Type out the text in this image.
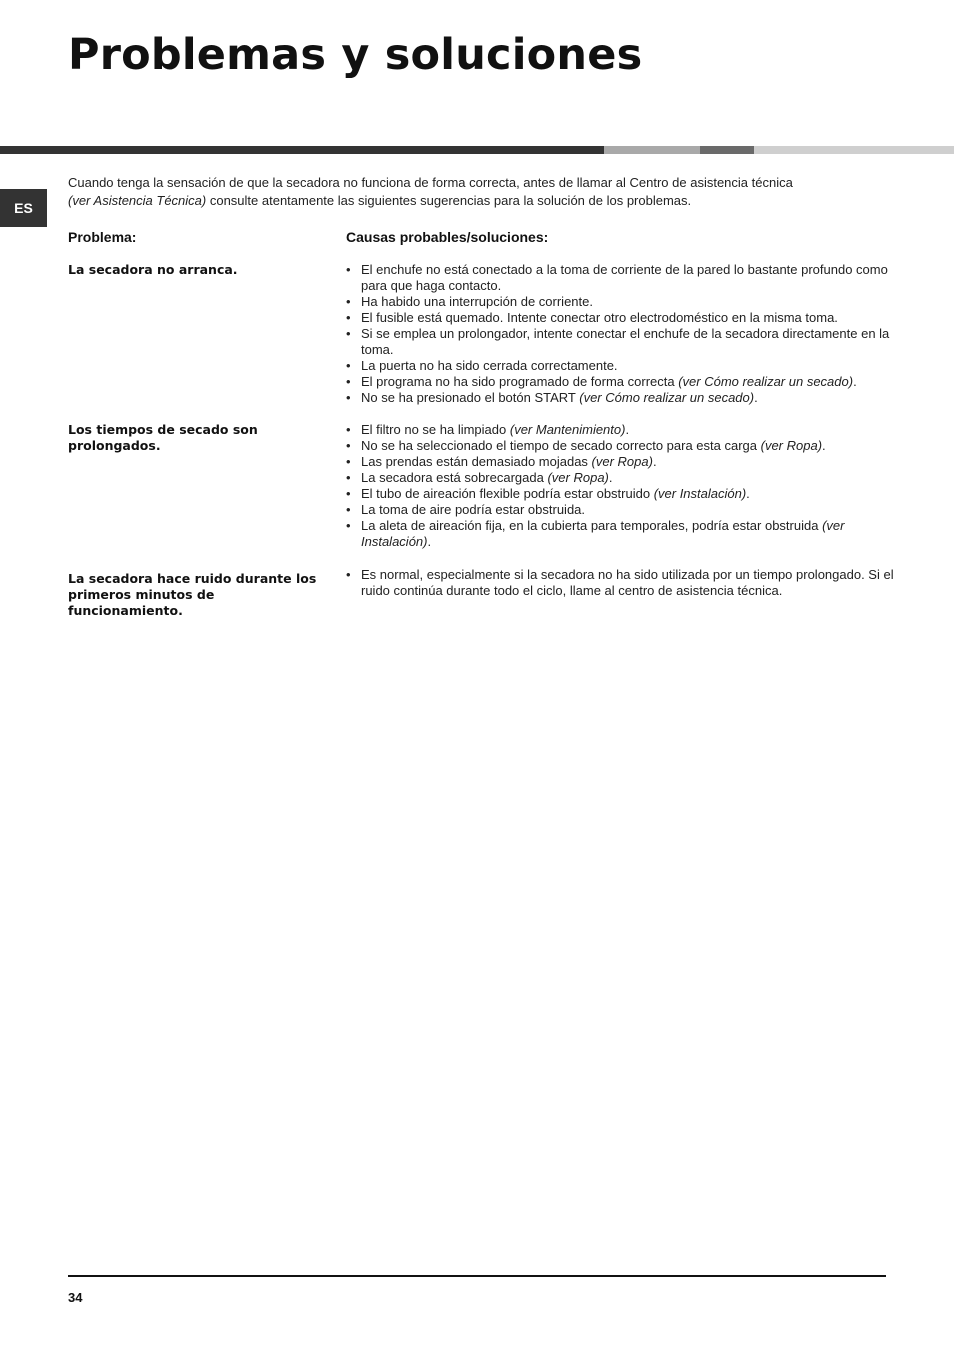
Problemas y soluciones
ES

Cuando tenga la sensación de que la secadora no funciona de forma correcta, antes de llamar al Centro de asistencia técnica
(ver Asistencia Técnica) consulte atentamente las siguientes sugerencias para la solución de los problemas.

Problema:	Causas probables/soluciones:
La secadora no arranca.	• El enchufe no está conectado a la toma de corriente de la pared lo bastante profundo como para que haga contacto.
• Ha habido una interrupción de corriente.
• El fusible está quemado. Intente conectar otro electrodoméstico en la misma toma.
• Si se emplea un prolongador, intente conectar el enchufe de la secadora directamente en la toma.
• La puerta no ha sido cerrada correctamente.
• El programa no ha sido programado de forma correcta (ver Cómo realizar un secado).
• No se ha presionado el botón START (ver Cómo realizar un secado).
Los tiempos de secado son prolongados.
• El filtro no se ha limpiado (ver Mantenimiento).
• No se ha seleccionado el tiempo de secado correcto para esta carga (ver Ropa).
• Las prendas están demasiado mojadas (ver Ropa).
• La secadora está sobrecargada (ver Ropa).
• El tubo de aireación flexible podría estar obstruido (ver Instalación).
• La toma de aire podría estar obstruida.
• La aleta de aireación fija, en la cubierta para temporales, podría estar obstruida (ver Instalación).
La secadora hace ruido durante los primeros minutos de funcionamiento.
• Es normal, especialmente si la secadora no ha sido utilizada por un tiempo prolongado. Si el ruido continúa durante todo el ciclo, llame al centro de asistencia técnica.
34
